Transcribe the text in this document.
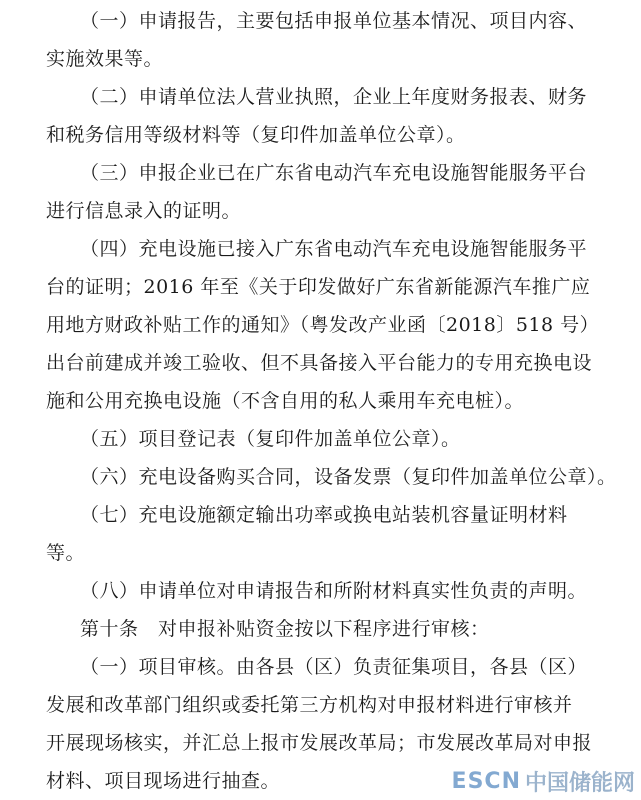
（一）申请报告，主要包括申报单位基本情况、项目内容、
实施效果等。
（二）申请单位法人营业执照，企业上年度财务报表、财务
和税务信用等级材料等（复印件加盖单位公章）。
（三）申报企业已在广东省电动汽车充电设施智能服务平台
进行信息录入的证明。
（四）充电设施已接入广东省电动汽车充电设施智能服务平
台的证明；2016 年至《关于印发做好广东省新能源汽车推广应
用地方财政补贴工作的通知》（粤发改产业函〔2018〕518 号）
出台前建成并竣工验收、但不具备接入平台能力的专用充换电设
施和公用充换电设施（不含自用的私人乘用车充电桩）。
（五）项目登记表（复印件加盖单位公章）。
（六）充电设备购买合同，设备发票（复印件加盖单位公章）。
（七）充电设施额定输出功率或换电站装机容量证明材料
等。
（八）申请单位对申请报告和所附材料真实性负责的声明。
第十条　对申报补贴资金按以下程序进行审核：
（一）项目审核。由各县（区）负责征集项目，各县（区）
发展和改革部门组织或委托第三方机构对申报材料进行审核并
开展现场核实，并汇总上报市发展改革局；市发展改革局对申报
材料、项目现场进行抽查。	ESCN 中国储能网
